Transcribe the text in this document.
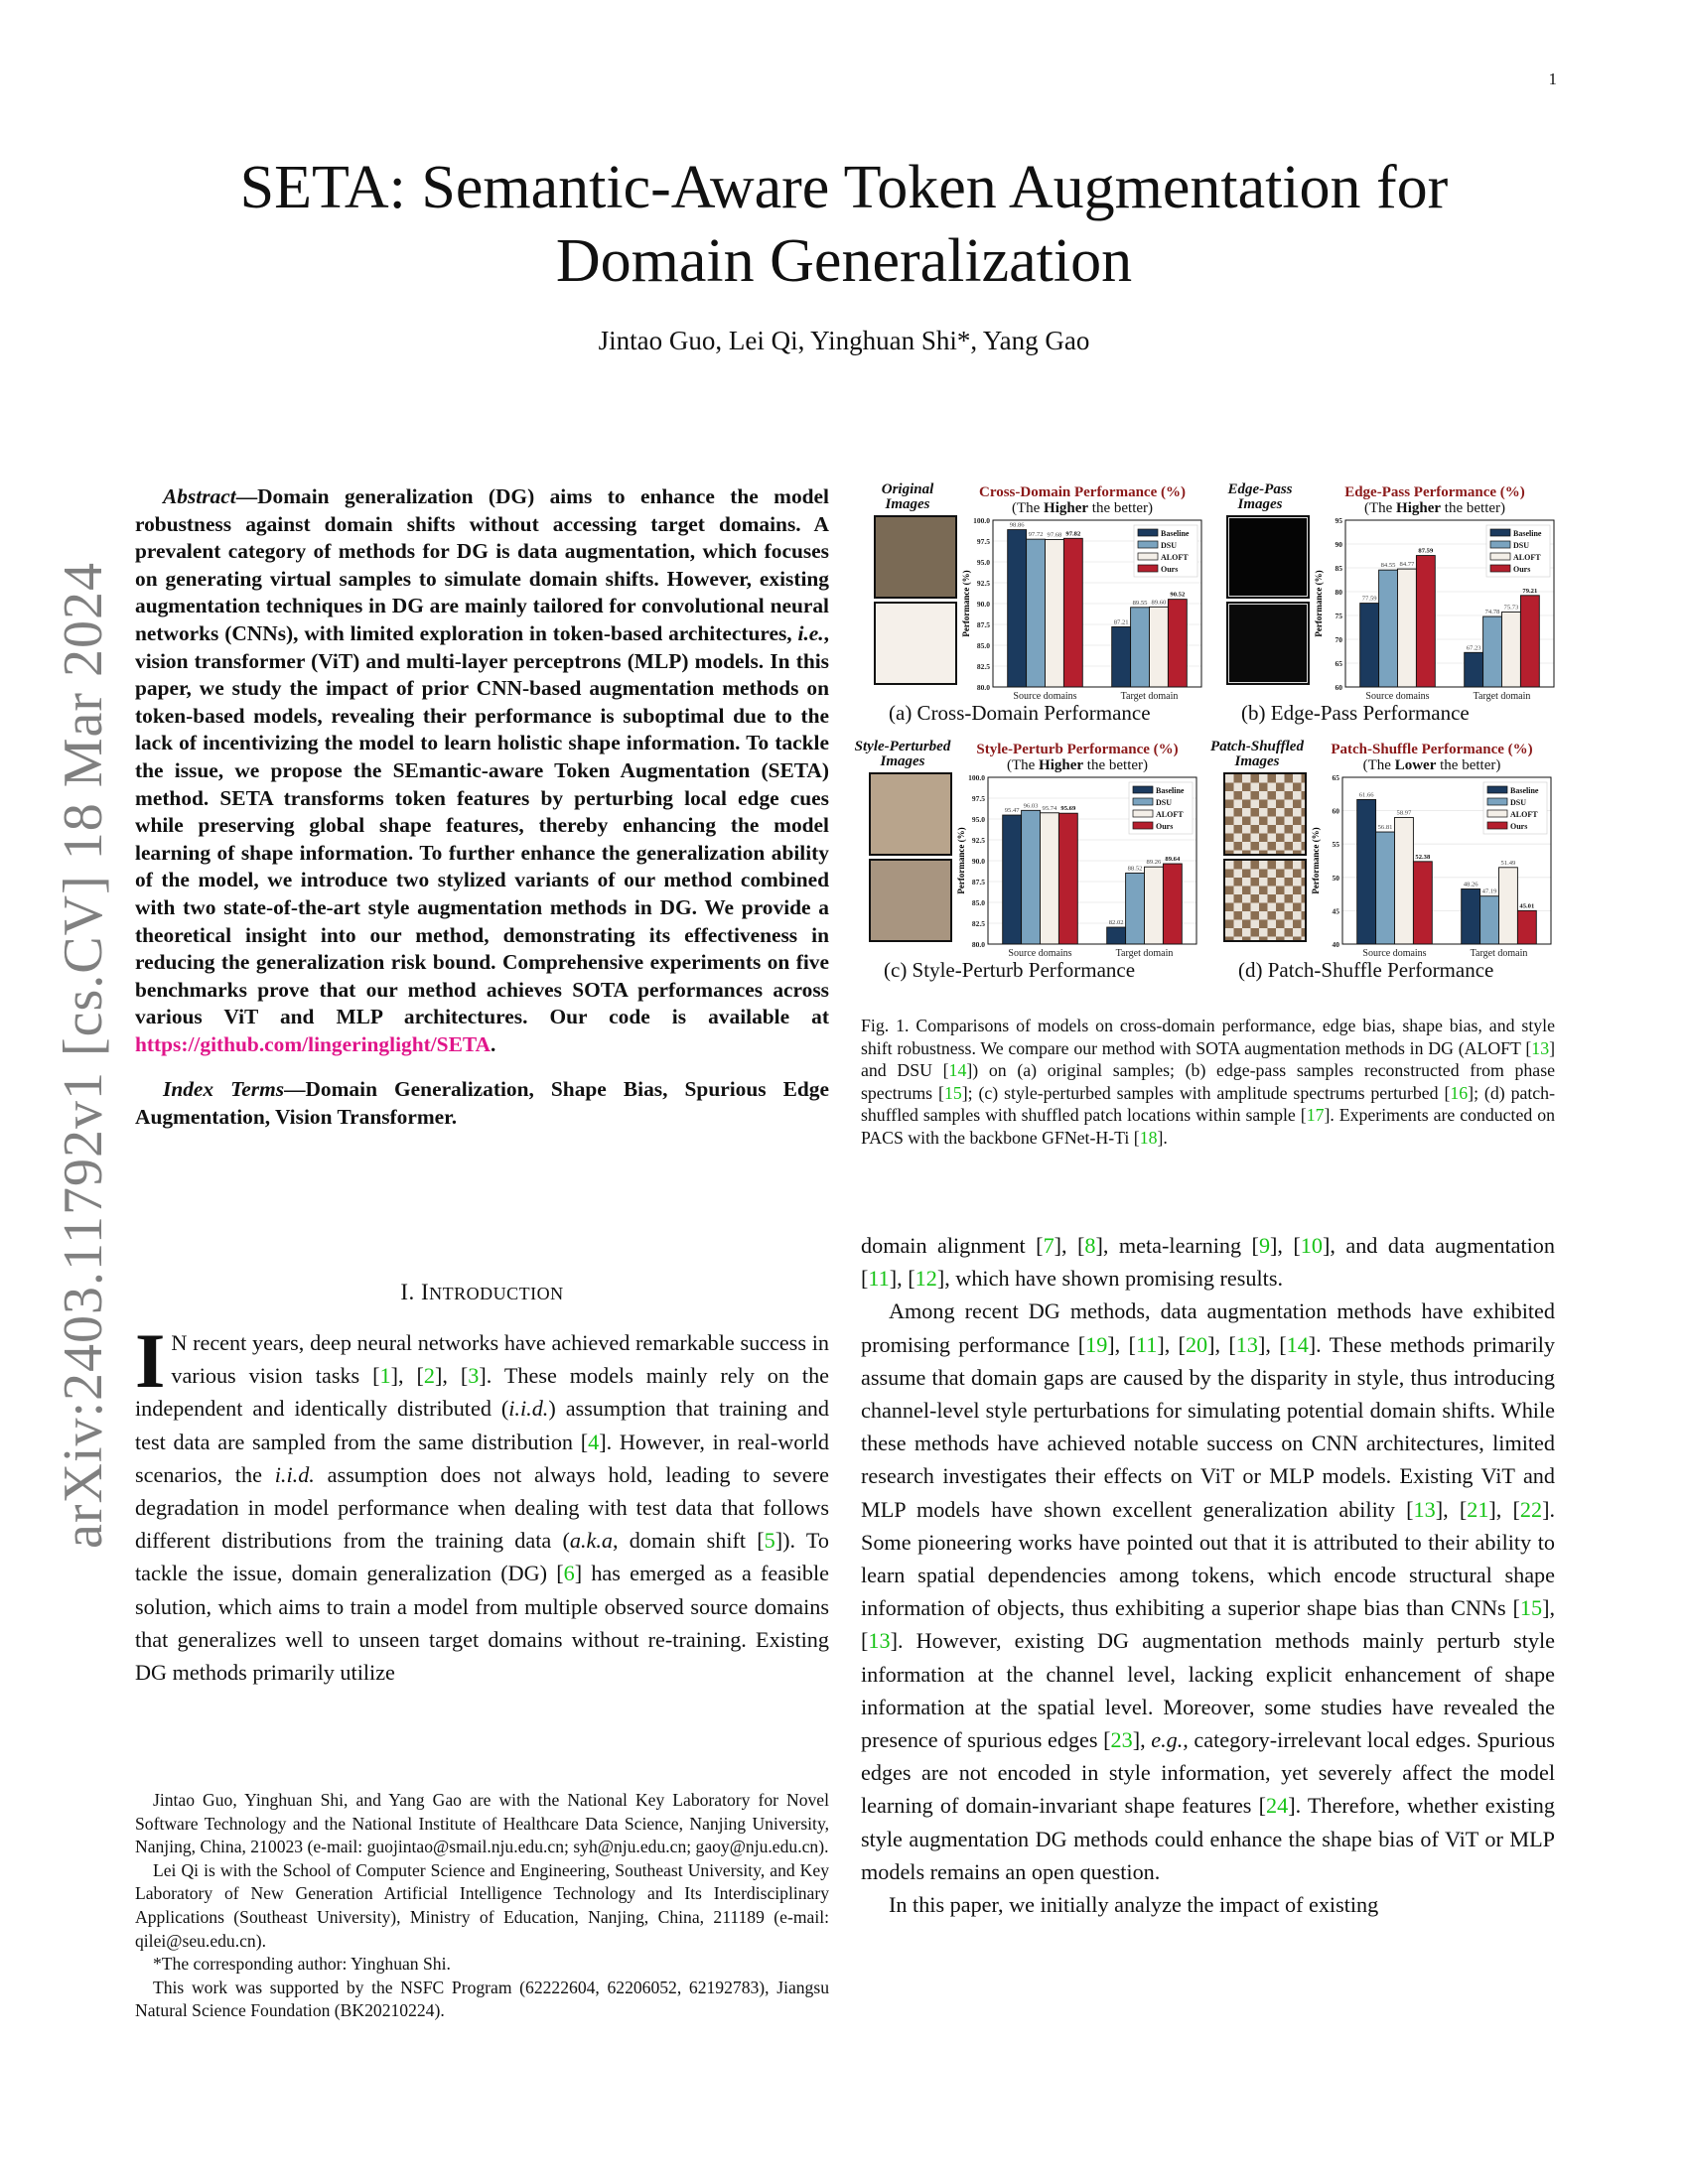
1
arXiv:2403.11792v1 [cs.CV] 18 Mar 2024
SETA: Semantic-Aware Token Augmentation for
Domain Generalization
Jintao Guo, Lei Qi, Yinghuan Shi*, Yang Gao

Abstract—Domain generalization (DG) aims to enhance the model robustness against domain shifts without accessing target domains. A prevalent category of methods for DG is data augmentation, which focuses on generating virtual samples to simulate domain shifts. However, existing augmentation techniques in DG are mainly tailored for convolutional neural networks (CNNs), with limited exploration in token-based architectures, i.e., vision transformer (ViT) and multi-layer perceptrons (MLP) models. In this paper, we study the impact of prior CNN-based augmentation methods on token-based models, revealing their performance is suboptimal due to the lack of incentivizing the model to learn holistic shape information. To tackle the issue, we propose the SEmantic-aware Token Augmentation (SETA) method. SETA transforms token features by perturbing local edge cues while preserving global shape features, thereby enhancing the model learning of shape information. To further enhance the generalization ability of the model, we introduce two stylized variants of our method combined with two state-of-the-art style augmentation methods in DG. We provide a theoretical insight into our method, demonstrating its effectiveness in reducing the generalization risk bound. Comprehensive experiments on five benchmarks prove that our method achieves SOTA performances across various ViT and MLP architectures. Our code is available at https://github.com/lingeringlight/SETA.

Index Terms—Domain Generalization, Shape Bias, Spurious Edge Augmentation, Vision Transformer.

I. INTRODUCTION

I N recent years, deep neural networks have achieved remarkable success in various vision tasks [1], [2], [3]. These models mainly rely on the independent and identically distributed (i.i.d.) assumption that training and test data are sampled from the same distribution [4]. However, in real-world scenarios, the i.i.d. assumption does not always hold, leading to severe degradation in model performance when dealing with test data that follows different distributions from the training data (a.k.a, domain shift [5]). To tackle the issue, domain generalization (DG) [6] has emerged as a feasible solution, which aims to train a model from multiple observed source domains that generalizes well to unseen target domains without re-training. Existing DG methods primarily utilize

Jintao Guo, Yinghuan Shi, and Yang Gao are with the National Key Laboratory for Novel Software Technology and the National Institute of Healthcare Data Science, Nanjing University, Nanjing, China, 210023 (e-mail: guojintao@smail.nju.edu.cn; syh@nju.edu.cn; gaoy@nju.edu.cn).

Lei Qi is with the School of Computer Science and Engineering, Southeast University, and Key Laboratory of New Generation Artificial Intelligence Technology and Its Interdisciplinary Applications (Southeast University), Ministry of Education, Nanjing, China, 211189 (e-mail: qilei@seu.edu.cn).

*The corresponding author: Yinghuan Shi.

This work was supported by the NSFC Program (62222604, 62206052, 62192783), Jiangsu Natural Science Foundation (BK20210224).

Original
Images
Cross-Domain Performance (%)
(The Higher the better)
80.0
82.5
85.0
87.5
90.0
92.5
95.0
97.5
100.0
Performance (%)
98.86
97.72 97.68 97.82
Source domains
87.21
89.55 89.60
90.52
Target domain
Baseline
DSU
ALOFT
Ours
(a) Cross-Domain Performance
Edge-Pass
Images
Edge-Pass Performance (%)
(The Higher the better)
60
65
70
75
80
85
90
95
Performance (%)	77.59
84.55 84.77
87.59
Source domains
67.23
74.78
75.73
79.21
Target domain
Baseline
DSU
ALOFT
Ours
(b) Edge-Pass Performance
Style-Perturbed
Images
Style-Perturb Performance (%)
(The Higher the better)
80.0
82.5
85.0
87.5
90.0
92.5
95.0
97.5
100.0
Performance (%)
95.47
96.03 95.74 95.69
Source domains
82.02
88.52
89.26 89.64
Target domain
Baseline
DSU
ALOFT
Ours
(c) Style-Perturb Performance
Patch-Shuffled
Images
Patch-Shuffle Performance (%)
(The Lower the better)
40
45
50
55
60
65
Performance (%)
61.66
56.81
58.97
52.38
Source domains
48.26
47.19
51.49
45.01
Target domain
Baseline
DSU
ALOFT
Ours
(d) Patch-Shuffle Performance
Fig. 1. Comparisons of models on cross-domain performance, edge bias, shape bias, and style shift robustness. We compare our method with SOTA augmentation methods in DG (ALOFT [13] and DSU [14]) on (a) original samples; (b) edge-pass samples reconstructed from phase spectrums [15]; (c) style-perturbed samples with amplitude spectrums perturbed [16]; (d) patch-shuffled samples with shuffled patch locations within sample [17]. Experiments are conducted on PACS with the backbone GFNet-H-Ti [18].

domain alignment [7], [8], meta-learning [9], [10], and data augmentation [11], [12], which have shown promising results.

Among recent DG methods, data augmentation methods have exhibited promising performance [19], [11], [20], [13], [14]. These methods primarily assume that domain gaps are caused by the disparity in style, thus introducing channel-level style perturbations for simulating potential domain shifts. While these methods have achieved notable success on CNN architectures, limited research investigates their effects on ViT or MLP models. Existing ViT and MLP models have shown excellent generalization ability [13], [21], [22]. Some pioneering works have pointed out that it is attributed to their ability to learn spatial dependencies among tokens, which encode structural shape information of objects, thus exhibiting a superior shape bias than CNNs [15], [13]. However, existing DG augmentation methods mainly perturb style information at the channel level, lacking explicit enhancement of shape information at the spatial level. Moreover, some studies have revealed the presence of spurious edges [23], e.g., category-irrelevant local edges. Spurious edges are not encoded in style information, yet severely affect the model learning of domain-invariant shape features [24]. Therefore, whether existing style augmentation DG methods could enhance the shape bias of ViT or MLP models remains an open question.

In this paper, we initially analyze the impact of existing
